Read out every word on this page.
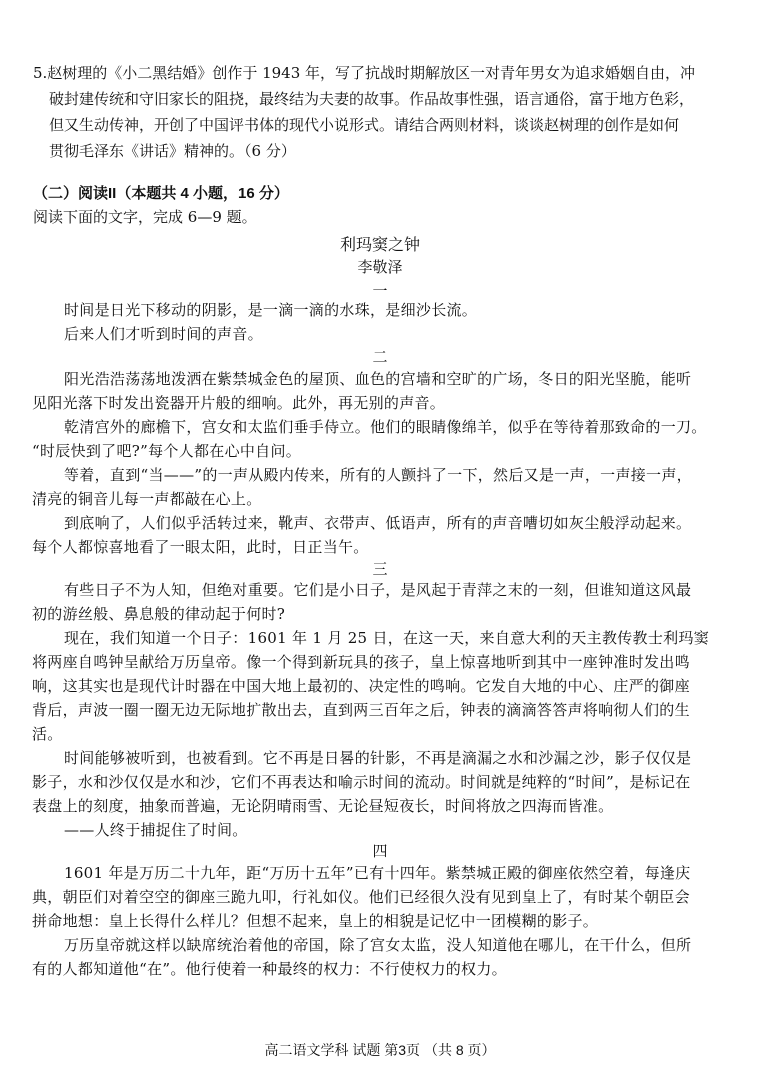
5.赵树理的《小二黑结婚》创作于 1943 年，写了抗战时期解放区一对青年男女为追求婚姻自由，冲
破封建传统和守旧家长的阻挠，最终结为夫妻的故事。作品故事性强，语言通俗，富于地方色彩，
但又生动传神，开创了中国评书体的现代小说形式。请结合两则材料，谈谈赵树理的创作是如何
贯彻毛泽东《讲话》精神的。（6 分）
（二）阅读II（本题共 4 小题，16 分）
阅读下面的文字，完成 6—9 题。
利玛窦之钟
李敬泽
一
时间是日光下移动的阴影，是一滴一滴的水珠，是细沙长流。
后来人们才听到时间的声音。
二
阳光浩浩荡荡地泼洒在紫禁城金色的屋顶、血色的宫墙和空旷的广场，冬日的阳光坚脆，能听
见阳光落下时发出瓷器开片般的细响。此外，再无别的声音。
乾清宫外的廊檐下，宫女和太监们垂手侍立。他们的眼睛像绵羊，似乎在等待着那致命的一刀。
“时辰快到了吧?”每个人都在心中自问。
等着，直到“当——”的一声从殿内传来，所有的人颤抖了一下，然后又是一声，一声接一声，
清亮的铜音儿每一声都敲在心上。
到底响了，人们似乎活转过来，靴声、衣带声、低语声，所有的声音嘈切如灰尘般浮动起来。
每个人都惊喜地看了一眼太阳，此时，日正当午。
三
有些日子不为人知，但绝对重要。它们是小日子，是风起于青萍之末的一刻，但谁知道这风最
初的游丝般、鼻息般的律动起于何时?
现在，我们知道一个日子：1601 年 1 月 25 日，在这一天，来自意大利的天主教传教士利玛窦
将两座自鸣钟呈献给万历皇帝。像一个得到新玩具的孩子，皇上惊喜地听到其中一座钟准时发出鸣
响，这其实也是现代计时器在中国大地上最初的、决定性的鸣响。它发自大地的中心、庄严的御座
背后，声波一圈一圈无边无际地扩散出去，直到两三百年之后，钟表的滴滴答答声将响彻人们的生
活。
时间能够被听到，也被看到。它不再是日晷的针影，不再是滴漏之水和沙漏之沙，影子仅仅是
影子，水和沙仅仅是水和沙，它们不再表达和喻示时间的流动。时间就是纯粹的“时间”，是标记在
表盘上的刻度，抽象而普遍，无论阴晴雨雪、无论昼短夜长，时间将放之四海而皆准。
——人终于捕捉住了时间。
四
1601 年是万历二十九年，距“万历十五年”已有十四年。紫禁城正殿的御座依然空着，每逢庆
典，朝臣们对着空空的御座三跪九叩，行礼如仪。他们已经很久没有见到皇上了，有时某个朝臣会
拼命地想：皇上长得什么样儿？但想不起来，皇上的相貌是记忆中一团模糊的影子。
万历皇帝就这样以缺席统治着他的帝国，除了宫女太监，没人知道他在哪儿，在干什么，但所
有的人都知道他“在”。他行使着一种最终的权力：不行使权力的权力。
高二语文学科 试题 第3页 （共 8 页）
